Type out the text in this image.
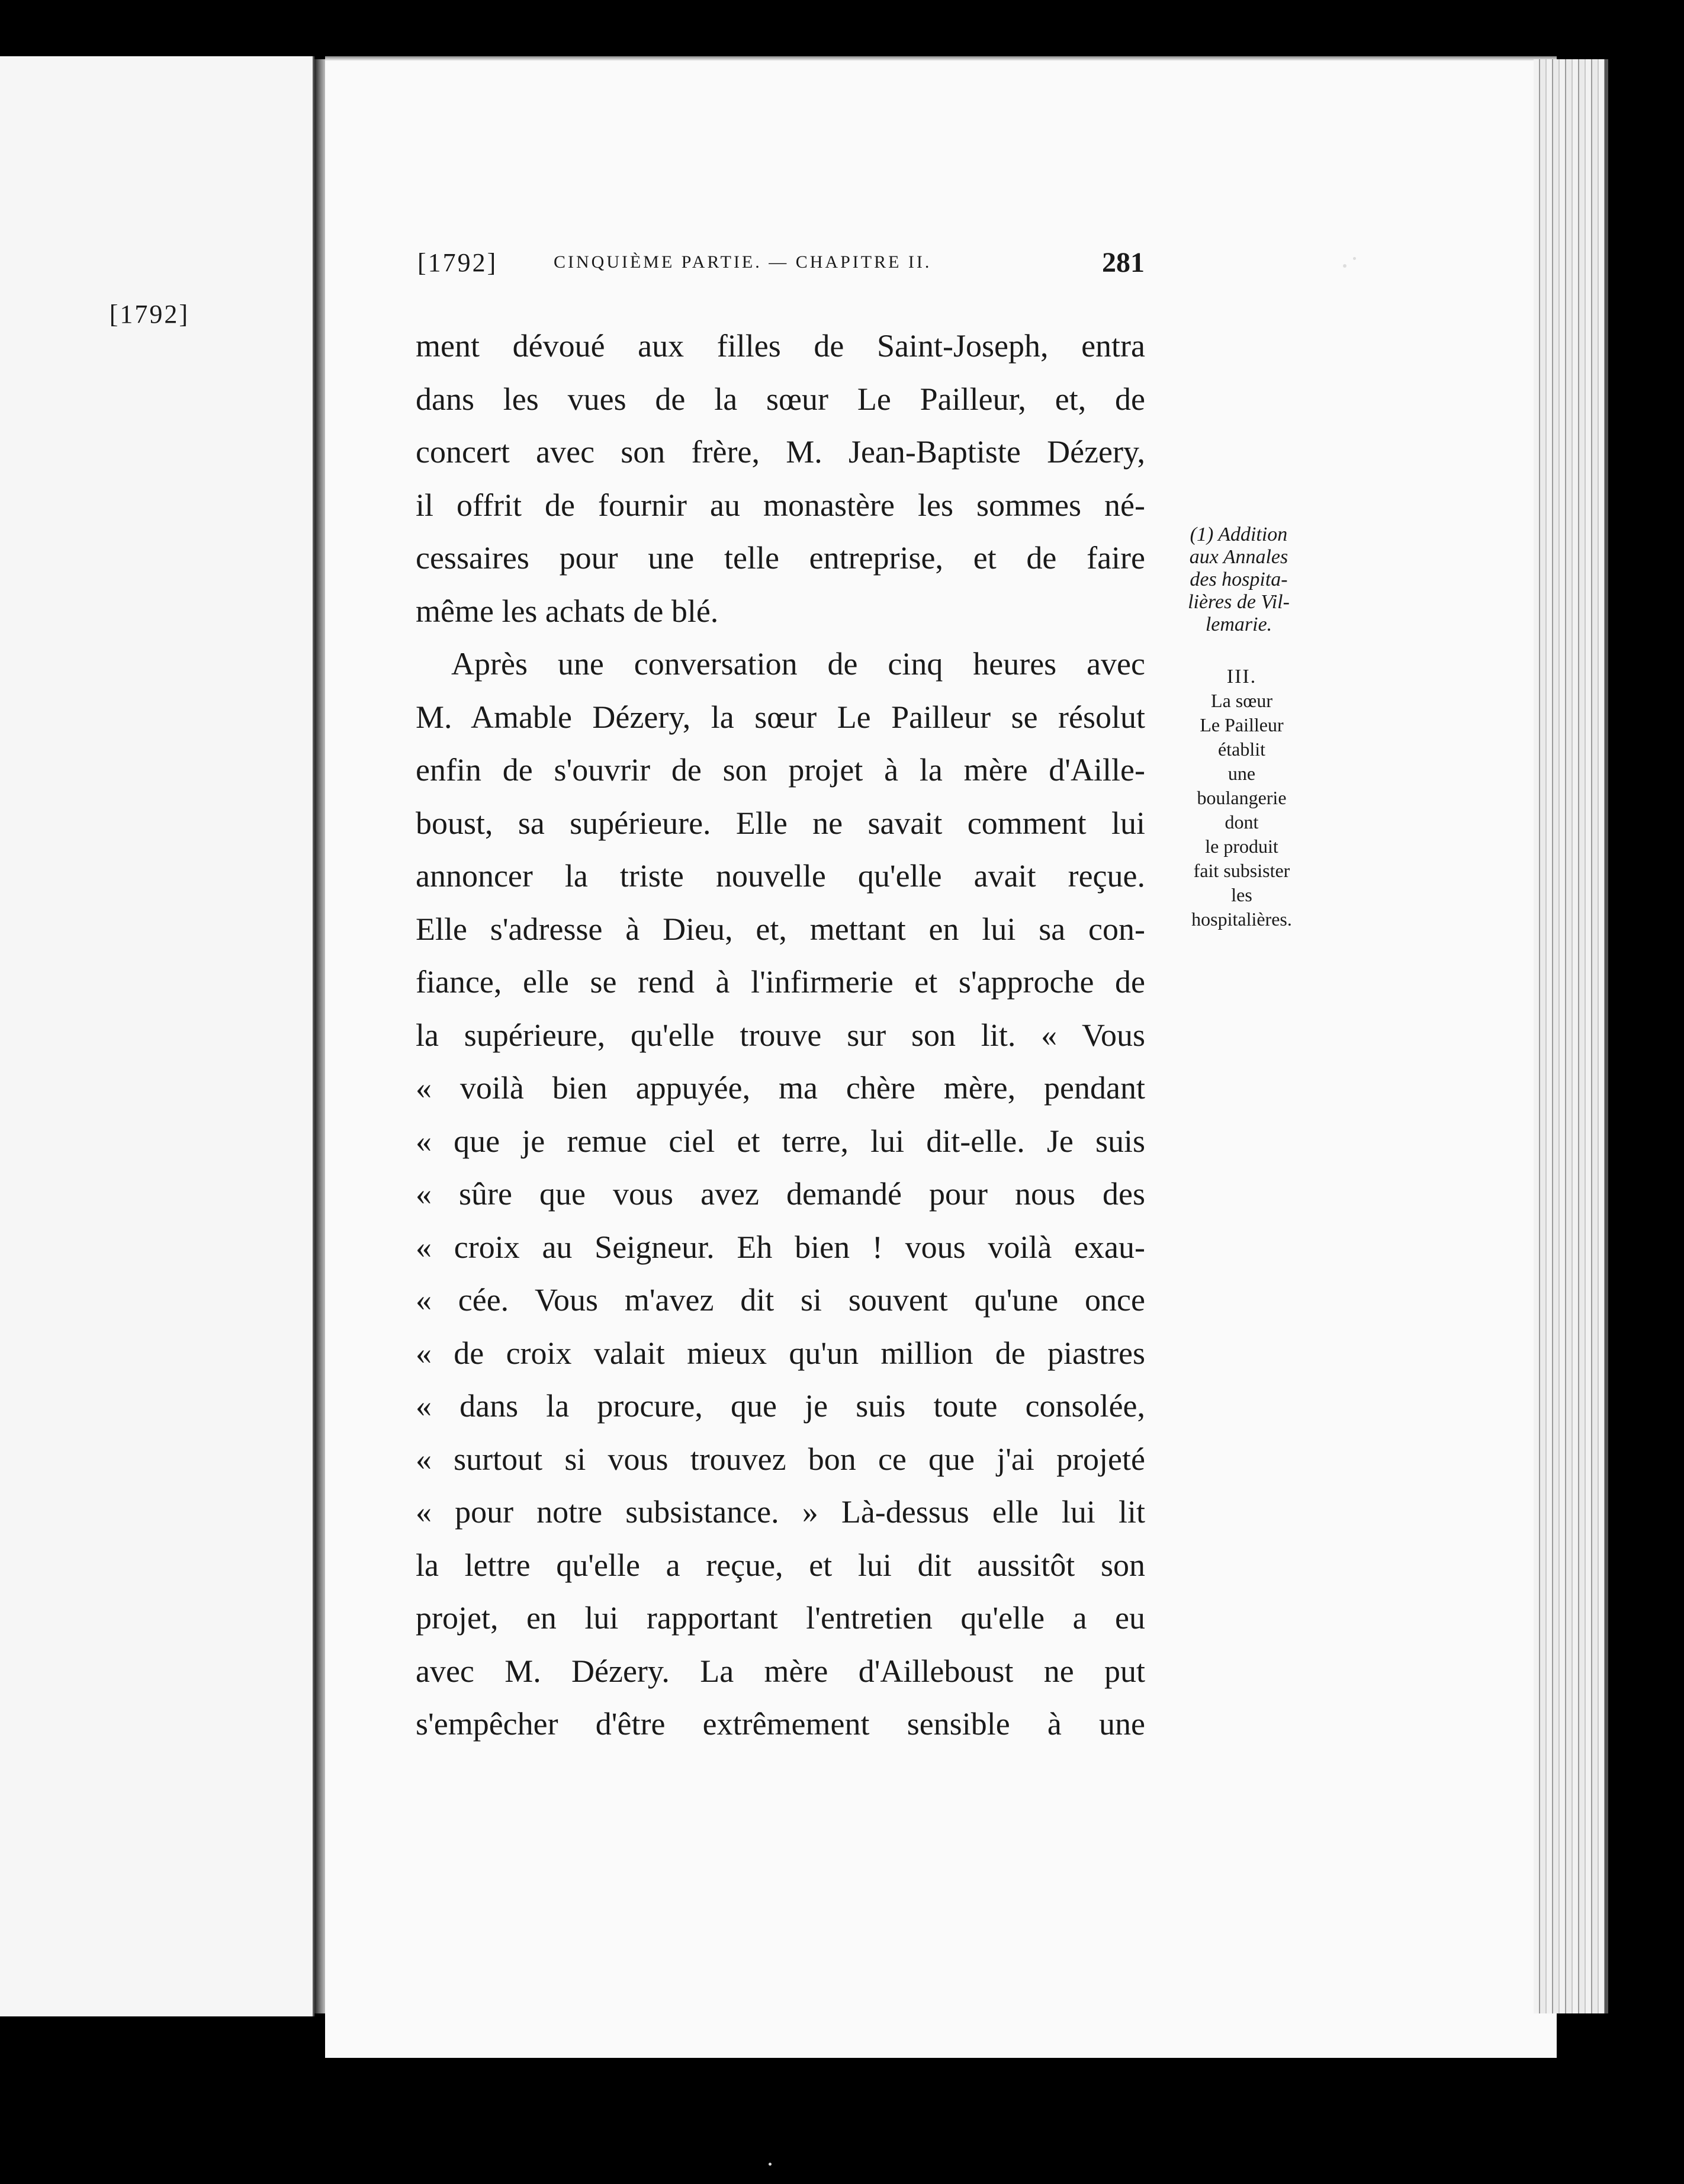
[1792]
[1792]	CINQUIÈME PARTIE. — CHAPITRE II.	281
ment dévoué aux filles de Saint-Joseph, entra
dans les vues de la sœur Le Pailleur, et, de
concert avec son frère, M. Jean-Baptiste Dézery,
il offrit de fournir au monastère les sommes né-
cessaires pour une telle entreprise, et de faire
même les achats de blé.
Après une conversation de cinq heures avec
M. Amable Dézery, la sœur Le Pailleur se résolut
enfin de s'ouvrir de son projet à la mère d'Aille-
boust, sa supérieure. Elle ne savait comment lui
annoncer la triste nouvelle qu'elle avait reçue.
Elle s'adresse à Dieu, et, mettant en lui sa con-
fiance, elle se rend à l'infirmerie et s'approche de
la supérieure, qu'elle trouve sur son lit. « Vous
« voilà bien appuyée, ma chère mère, pendant
« que je remue ciel et terre, lui dit-elle. Je suis
« sûre que vous avez demandé pour nous des
« croix au Seigneur. Eh bien ! vous voilà exau-
« cée. Vous m'avez dit si souvent qu'une once
« de croix valait mieux qu'un million de piastres
« dans la procure, que je suis toute consolée,
« surtout si vous trouvez bon ce que j'ai projeté
« pour notre subsistance. » Là-dessus elle lui lit
la lettre qu'elle a reçue, et lui dit aussitôt son
projet, en lui rapportant l'entretien qu'elle a eu
avec M. Dézery. La mère d'Ailleboust ne put
s'empêcher d'être extrêmement sensible à une
(1) Addition
aux Annales
des hospita-
lières de Vil-
lemarie.
III.
La sœur
Le Pailleur
établit
une
boulangerie
dont
le produit
fait subsister
les
hospitalières.
